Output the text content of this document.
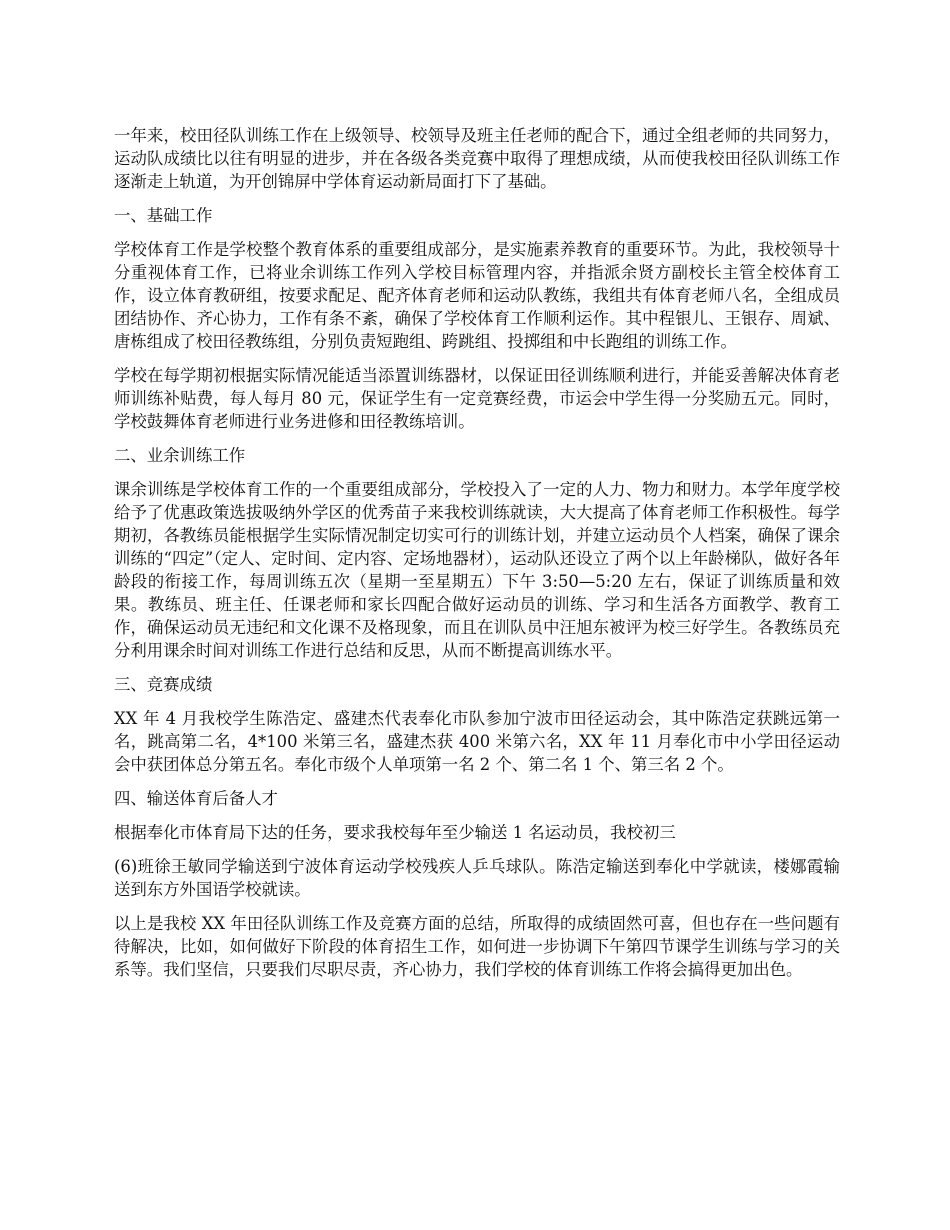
一年来，校田径队训练工作在上级领导、校领导及班主任老师的配合下，通过全组老师的共同努力，运动队成绩比以往有明显的进步，并在各级各类竞赛中取得了理想成绩，从而使我校田径队训练工作逐渐走上轨道，为开创锦屏中学体育运动新局面打下了基础。

一、基础工作

学校体育工作是学校整个教育体系的重要组成部分，是实施素养教育的重要环节。为此，我校领导十分重视体育工作，已将业余训练工作列入学校目标管理内容，并指派余贤方副校长主管全校体育工作，设立体育教研组，按要求配足、配齐体育老师和运动队教练，我组共有体育老师八名，全组成员团结协作、齐心协力，工作有条不紊，确保了学校体育工作顺利运作。其中程银儿、王银存、周斌、唐栋组成了校田径教练组，分别负责短跑组、跨跳组、投掷组和中长跑组的训练工作。

学校在每学期初根据实际情况能适当添置训练器材，以保证田径训练顺利进行，并能妥善解决体育老师训练补贴费，每人每月 80 元，保证学生有一定竞赛经费，市运会中学生得一分奖励五元。同时，学校鼓舞体育老师进行业务进修和田径教练培训。

二、业余训练工作

课余训练是学校体育工作的一个重要组成部分，学校投入了一定的人力、物力和财力。本学年度学校给予了优惠政策选拔吸纳外学区的优秀苗子来我校训练就读，大大提高了体育老师工作积极性。每学期初，各教练员能根据学生实际情况制定切实可行的训练计划，并建立运动员个人档案，确保了课余训练的“四定”（定人、定时间、定内容、定场地器材），运动队还设立了两个以上年龄梯队，做好各年龄段的衔接工作，每周训练五次（星期一至星期五）下午 3:50—5:20 左右，保证了训练质量和效果。教练员、班主任、任课老师和家长四配合做好运动员的训练、学习和生活各方面教学、教育工作，确保运动员无违纪和文化课不及格现象，而且在训队员中汪旭东被评为校三好学生。各教练员充分利用课余时间对训练工作进行总结和反思，从而不断提高训练水平。

三、竞赛成绩

XX 年 4 月我校学生陈浩定、盛建杰代表奉化市队参加宁波市田径运动会，其中陈浩定获跳远第一名，跳高第二名，4*100 米第三名，盛建杰获 400 米第六名，XX 年 11 月奉化市中小学田径运动会中获团体总分第五名。奉化市级个人单项第一名 2 个、第二名 1 个、第三名 2 个。

四、输送体育后备人才

根据奉化市体育局下达的任务，要求我校每年至少输送 1 名运动员，我校初三

(6)班徐王敏同学输送到宁波体育运动学校残疾人乒乓球队。陈浩定输送到奉化中学就读，楼娜霞输送到东方外国语学校就读。

以上是我校 XX 年田径队训练工作及竞赛方面的总结，所取得的成绩固然可喜，但也存在一些问题有待解决，比如，如何做好下阶段的体育招生工作，如何进一步协调下午第四节课学生训练与学习的关系等。我们坚信，只要我们尽职尽责，齐心协力，我们学校的体育训练工作将会搞得更加出色。
